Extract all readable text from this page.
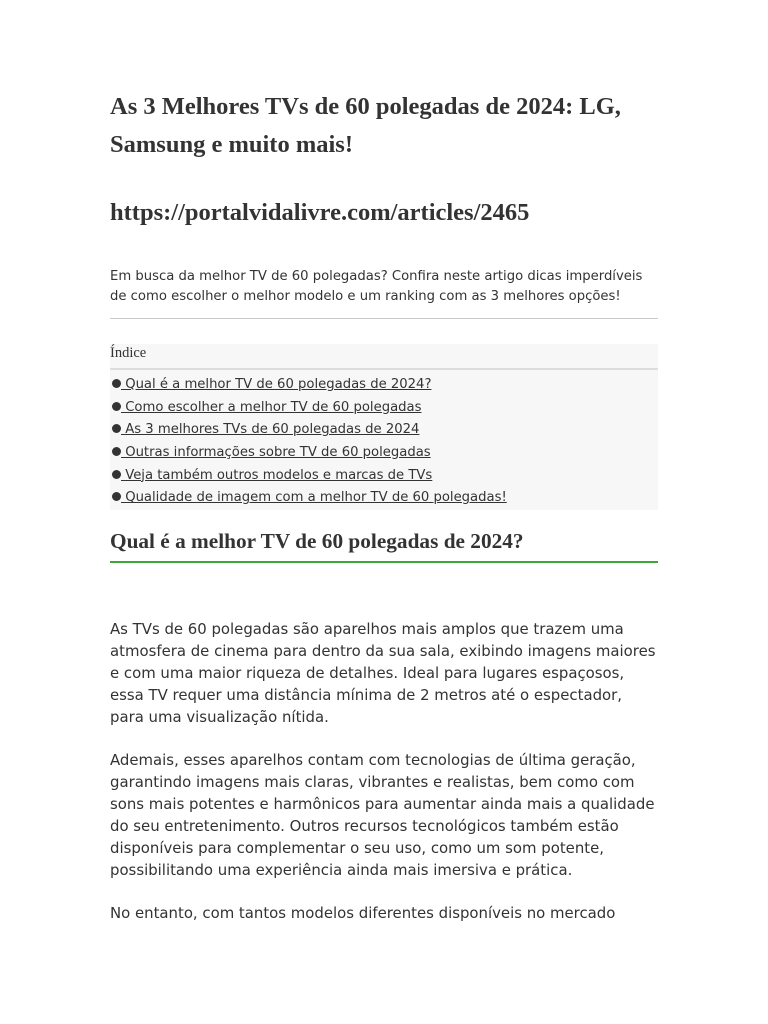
As 3 Melhores TVs de 60 polegadas de 2024: LG, Samsung e muito mais!
https://portalvidalivre.com/articles/2465

Em busca da melhor TV de 60 polegadas? Confira neste artigo dicas imperdíveis de como escolher o melhor modelo e um ranking com as 3 melhores opções!

Índice
Qual é a melhor TV de 60 polegadas de 2024?
Como escolher a melhor TV de 60 polegadas
As 3 melhores TVs de 60 polegadas de 2024
Outras informações sobre TV de 60 polegadas
Veja também outros modelos e marcas de TVs
Qualidade de imagem com a melhor TV de 60 polegadas!
Qual é a melhor TV de 60 polegadas de 2024?

As TVs de 60 polegadas são aparelhos mais amplos que trazem uma atmosfera de cinema para dentro da sua sala, exibindo imagens maiores e com uma maior riqueza de detalhes. Ideal para lugares espaçosos, essa TV requer uma distância mínima de 2 metros até o espectador, para uma visualização nítida.

Ademais, esses aparelhos contam com tecnologias de última geração, garantindo imagens mais claras, vibrantes e realistas, bem como com sons mais potentes e harmônicos para aumentar ainda mais a qualidade do seu entretenimento. Outros recursos tecnológicos também estão disponíveis para complementar o seu uso, como um som potente, possibilitando uma experiência ainda mais imersiva e prática.

No entanto, com tantos modelos diferentes disponíveis no mercado
